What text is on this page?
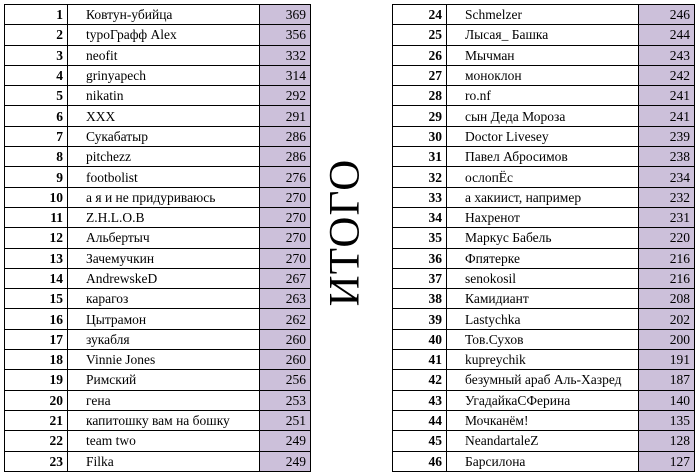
1	Ковтун-убийца	369
2	typoГрафф Alex	356
3	neofit	332
4	grinyapech	314
5	nikatin	292
6	XXX	291
7	Сукабатыр	286
8	pitchezz	286
9	footbolist	276
10	а я и не придуриваюсь	270
11	Z.H.L.O.B	270
12	Альбертыч	270
13	Зачемучкин	270
14	AndrewskeD	267
15	карагоз	263
16	Цытрамон	262
17	зукабля	260
18	Vinnie Jones	260
19	Римский	256
20	гена	253
21	капитошку вам на бошку	251
22	team two	249
23	Filka	249
ИТОГО
24	Schmelzer	246
25	Лысая_ Башка	244
26	Мычман	243
27	моноклон	242
28	ro.nf	241
29	сын Деда Мороза	241
30	Doctor Livesey	239
31	Павел Абросимов	238
32	ослопЁс	234
33	а хакиист, например	232
34	Нахренот	231
35	Маркус Бабель	220
36	Фпятерке	216
37	senokosil	216
38	Камидиант	208
39	Lastychka	202
40	Тов.Сухов	200
41	kupreychik	191
42	безумный араб Аль-Хазред	187
43	УгадайкаСФерина	140
44	Мочканём!	135
45	NeandartaleZ	128
46	Барсилона	127
